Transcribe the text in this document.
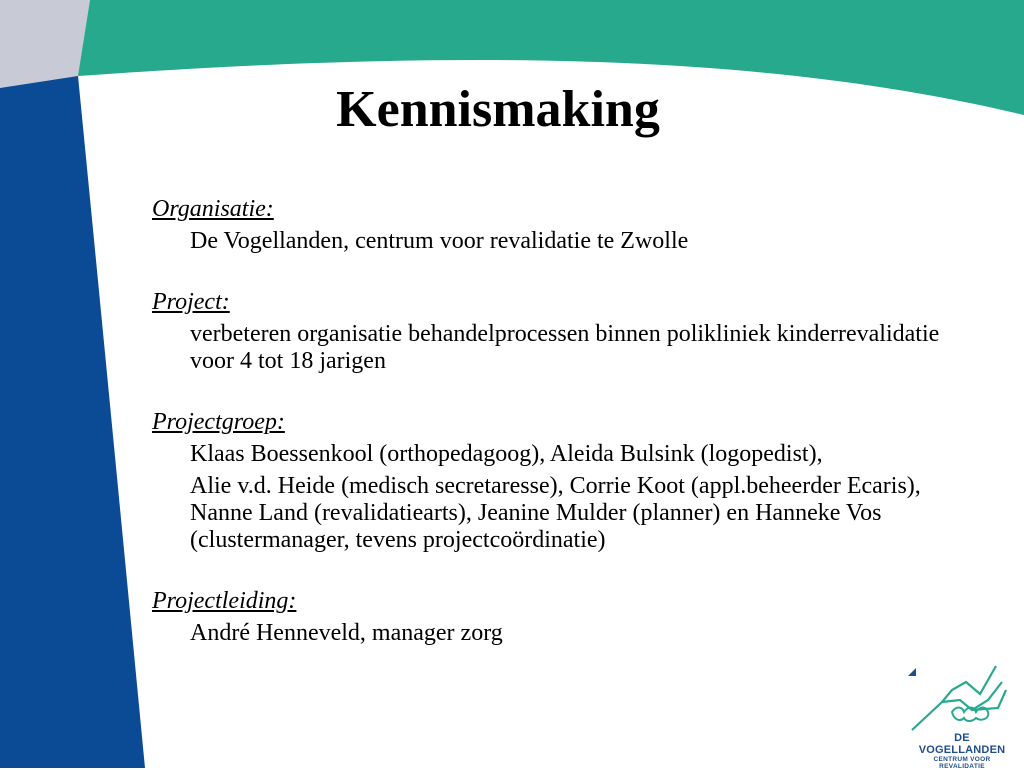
Kennismaking
Organisatie:
De Vogellanden, centrum voor revalidatie te Zwolle
Project:
verbeteren organisatie behandelprocessen binnen polikliniek kinderrevalidatie voor 4 tot 18 jarigen
Projectgroep:
Klaas Boessenkool (orthopedagoog), Aleida Bulsink (logopedist),
Alie v.d. Heide (medisch secretaresse), Corrie Koot (appl.beheerder Ecaris), Nanne Land (revalidatiearts), Jeanine Mulder (planner) en Hanneke Vos (clustermanager, tevens projectcoördinatie)
Projectleiding:
André Henneveld, manager zorg
DE VOGELLANDEN
CENTRUM VOOR REVALIDATIE
